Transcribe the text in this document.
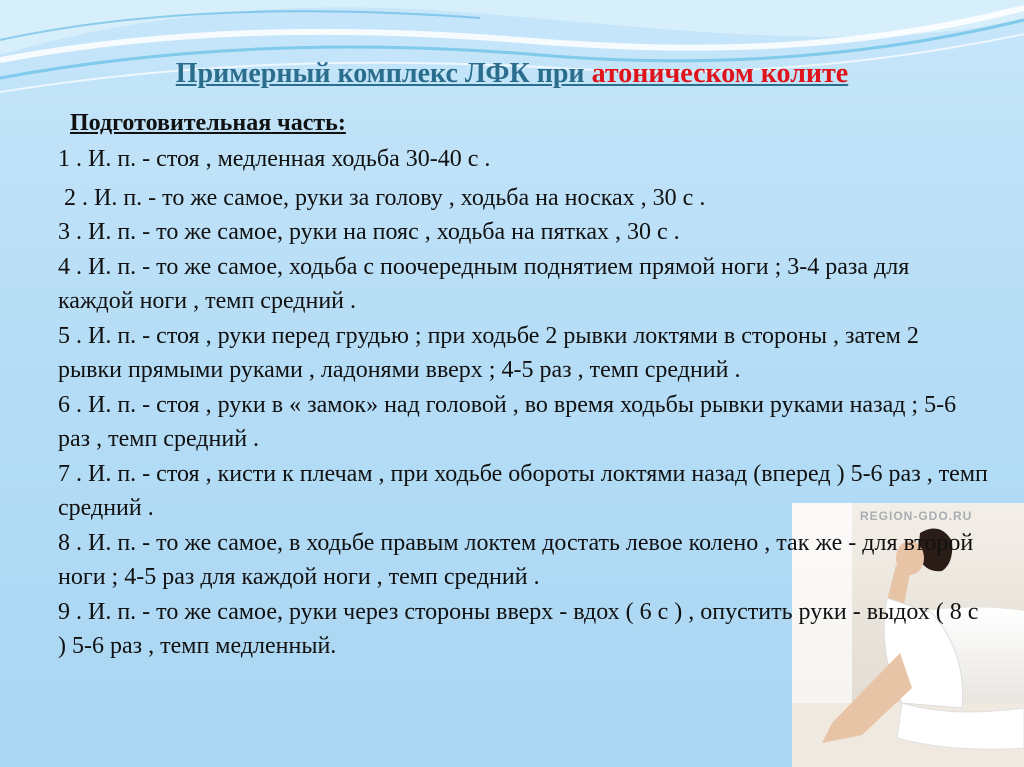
Примерный комплекс ЛФК при атоническом колите
Подготовительная часть:
REGION-GDO.RU

1 . И. п. - стоя , медленная ходьба 30-40 с .

2 . И. п. - то же самое, руки за голову , ходьба на носках , 30 с .

3 . И. п. - то же самое, руки на пояс , ходьба на пятках , 30 с .

4 . И. п. - то же самое, ходьба с поочередным поднятием прямой ноги ; 3-4 раза для каждой ноги , темп средний .

5 . И. п. - стоя , руки перед грудью ; при ходьбе 2 рывки локтями в стороны , затем 2 рывки прямыми руками , ладонями вверх ; 4-5 раз , темп средний .

6 . И. п. - стоя , руки в « замок» над головой , во время ходьбы рывки руками назад ; 5-6 раз , темп средний .

7 . И. п. - стоя , кисти к плечам , при ходьбе обороты локтями назад (вперед ) 5-6 раз , темп средний .

8 . И. п. - то же самое, в ходьбе правым локтем достать левое колено , так же - для второй ноги ; 4-5 раз для каждой ноги , темп средний .

9 . И. п. - то же самое, руки через стороны вверх - вдох ( 6 с ) , опустить руки - выдох ( 8 с ) 5-6 раз , темп медленный.
